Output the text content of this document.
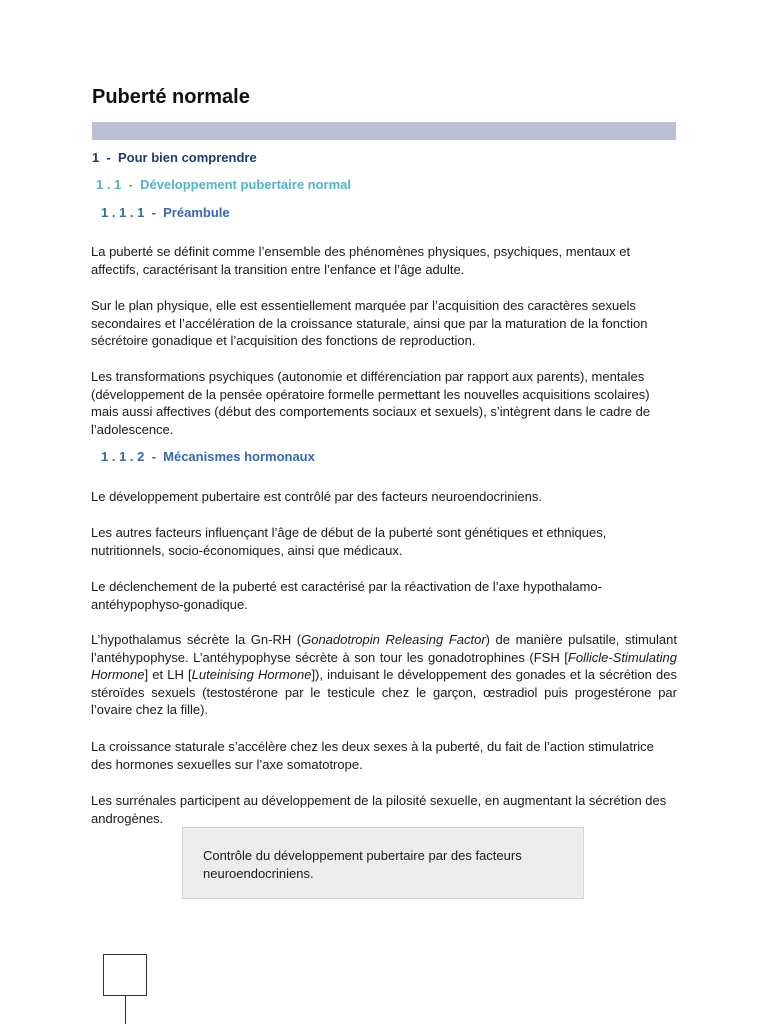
Puberté normale
1  -  Pour bien comprendre
1 . 1  -  Développement pubertaire normal
1 . 1 . 1  -  Préambule

La puberté se définit comme l’ensemble des phénomènes physiques, psychiques, mentaux et affectifs, caractérisant la transition entre l’enfance et l’âge adulte.

Sur le plan physique, elle est essentiellement marquée par l’acquisition des caractères sexuels secondaires et l’accélération de la croissance staturale, ainsi que par la maturation de la fonction sécrétoire gonadique et l’acquisition des fonctions de reproduction.

Les transformations psychiques (autonomie et différenciation par rapport aux parents), mentales (développement de la pensée opératoire formelle permettant les nouvelles acquisitions scolaires) mais aussi affectives (début des comportements sociaux et sexuels), s’intègrent dans le cadre de l’adolescence.

1 . 1 . 2  -  Mécanismes hormonaux

Le développement pubertaire est contrôlé par des facteurs neuroendocriniens.

Les autres facteurs influençant l’âge de début de la puberté sont génétiques et ethniques, nutritionnels, socio-économiques, ainsi que médicaux.

Le déclenchement de la puberté est caractérisé par la réactivation de l’axe hypothalamo-antéhypophyso-gonadique.

L’hypothalamus sécrète la Gn-RH (Gonadotropin Releasing Factor) de manière pulsatile, stimulant l’antéhypophyse. L’antéhypophyse sécrète à son tour les gonadotrophines (FSH [Follicle-Stimulating Hormone] et LH [Luteinising Hormone]), induisant le développement des gonades et la sécrétion des stéroïdes sexuels (testostérone par le testicule chez le garçon, œstradiol puis progestérone par l’ovaire chez la fille).

La croissance staturale s’accélère chez les deux sexes à la puberté, du fait de l’action stimulatrice des hormones sexuelles sur l’axe somatotrope.

Les surrénales participent au développement de la pilosité sexuelle, en augmentant la sécrétion des androgènes.

Contrôle du développement pubertaire par des facteurs neuroendocriniens.
